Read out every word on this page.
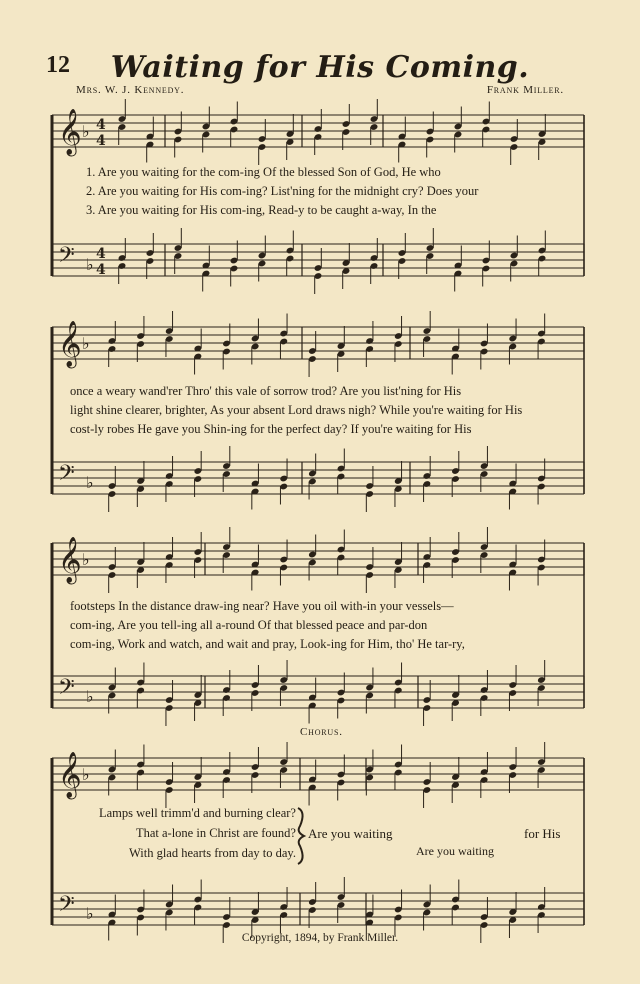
12	Waiting for His Coming.
Mrs. W. J. Kennedy.	Frank Miller.
𝄞 ♭ 4
4
𝄢 ♭
4
4
𝄞 ♭
𝄢 ♭
𝄞 ♭
𝄢 ♭
𝄞 ♭
𝄢 ♭
1. Are you waiting for the com-ing Of the blessed Son of God, He who
2. Are you waiting for His com-ing? List'ning for the midnight cry? Does your
3. Are you waiting for His com-ing, Read-y to be caught a-way, In the
once a weary wand'rer Thro' this vale of sorrow trod? Are you list'ning for His
light shine clearer, brighter, As your absent Lord draws nigh? While you're waiting for His
cost-ly robes He gave you Shin-ing for the perfect day? If you're waiting for His
footsteps In the distance draw-ing near? Have you oil with-in your vessels—
com-ing, Are you tell-ing all a-round Of that blessed peace and par-don
com-ing, Work and watch, and wait and pray, Look-ing for Him, tho' He tar-ry,
Chorus.
Lamps well trimm'd and burning clear?
That a-lone in Christ are found?
With glad hearts from day to day.
Are you waiting	for His
Are you waiting
Copyright, 1894, by Frank Miller.
